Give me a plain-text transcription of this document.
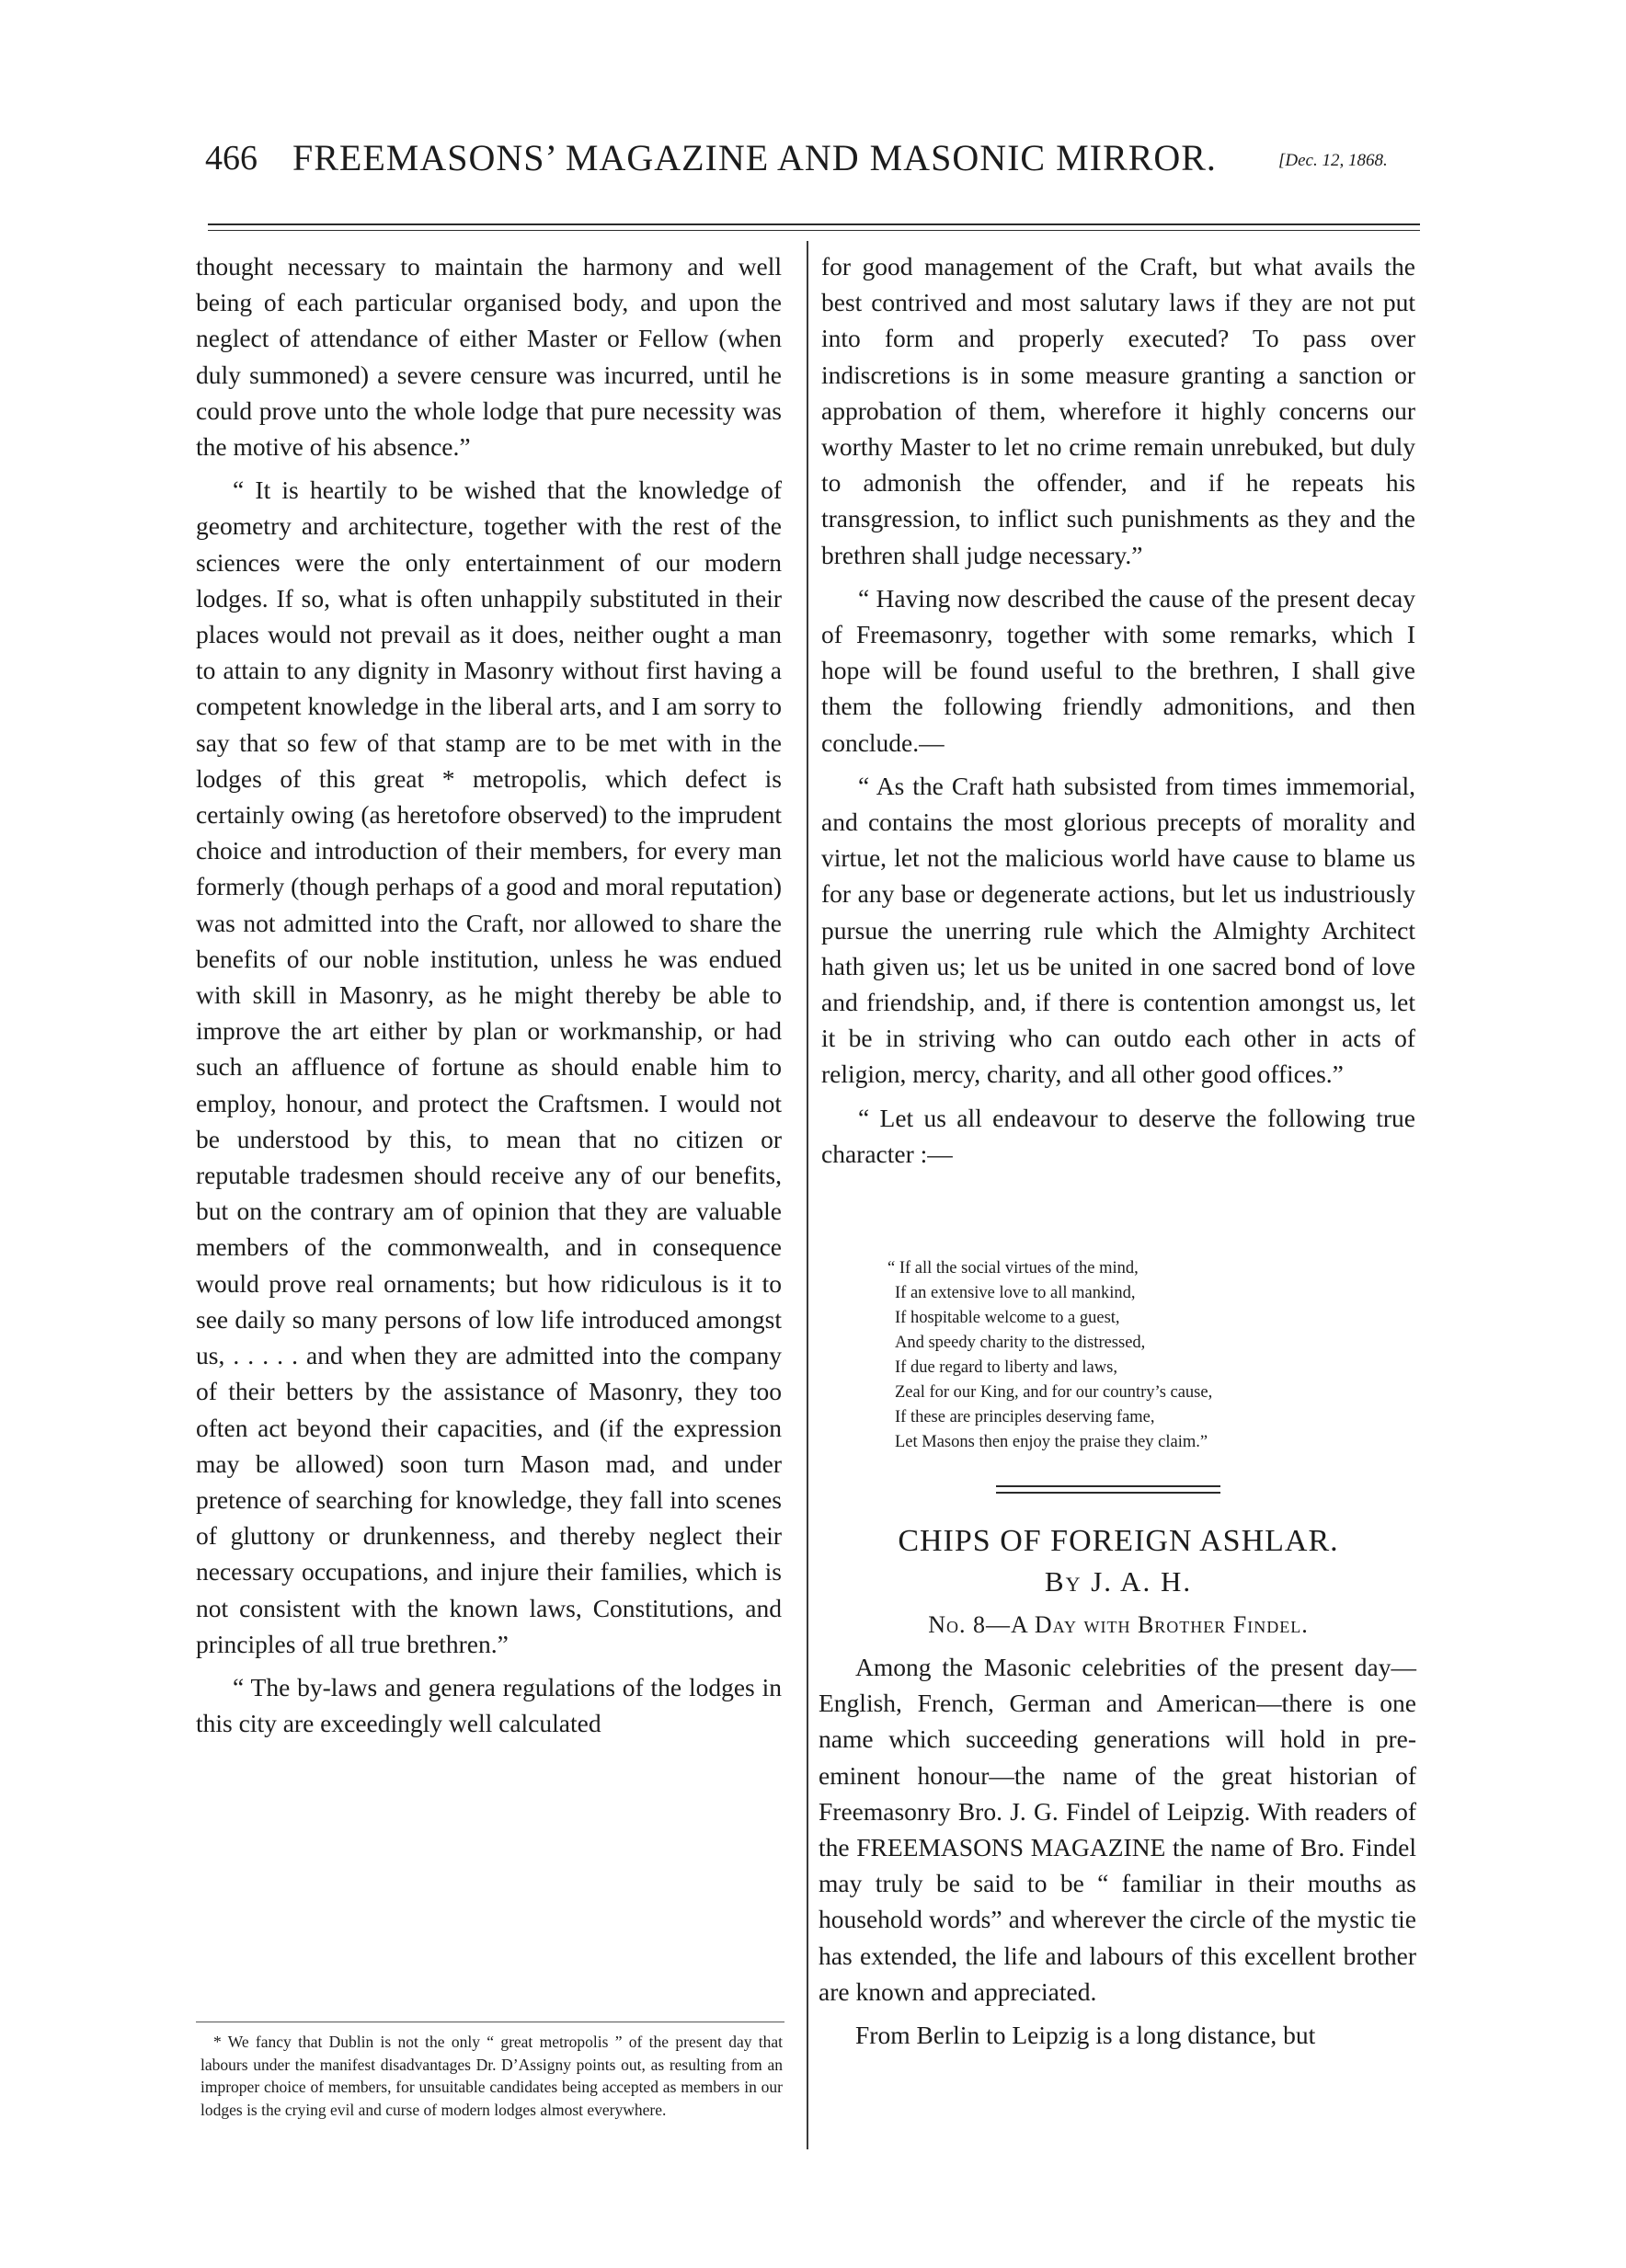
466 FREEMASONS’ MAGAZINE AND MASONIC MIRROR.	[Dec. 12, 1868.

thought necessary to maintain the harmony and well being of each particular organised body, and upon the neglect of attendance of either Master or Fellow (when duly summoned) a severe censure was incurred, until he could prove unto the whole lodge that pure necessity was the motive of his absence.”

“ It is heartily to be wished that the knowledge of geometry and architecture, together with the rest of the sciences were the only entertainment of our modern lodges. If so, what is often unhappily substituted in their places would not prevail as it does, neither ought a man to attain to any dignity in Masonry without first having a competent knowledge in the liberal arts, and I am sorry to say that so few of that stamp are to be met with in the lodges of this great * metropolis, which defect is certainly owing (as heretofore observed) to the imprudent choice and introduction of their members, for every man formerly (though perhaps of a good and moral reputation) was not admitted into the Craft, nor allowed to share the benefits of our noble institution, unless he was endued with skill in Masonry, as he might thereby be able to improve the art either by plan or workmanship, or had such an affluence of fortune as should enable him to employ, honour, and protect the Craftsmen. I would not be understood by this, to mean that no citizen or reputable tradesmen should receive any of our benefits, but on the contrary am of opinion that they are valuable members of the commonwealth, and in consequence would prove real ornaments; but how ridiculous is it to see daily so many persons of low life introduced amongst us, . . . . . and when they are admitted into the company of their betters by the assistance of Masonry, they too often act beyond their capacities, and (if the expression may be allowed) soon turn Mason mad, and under pretence of searching for knowledge, they fall into scenes of gluttony or drunkenness, and thereby neglect their necessary occupations, and injure their families, which is not consistent with the known laws, Constitutions, and principles of all true brethren.”

“ The by-laws and genera regulations of the lodges in this city are exceedingly well calculated

* We fancy that Dublin is not the only “ great metropolis ” of the present day that labours under the manifest disadvantages Dr. D’Assigny points out, as resulting from an improper choice of members, for unsuitable candidates being accepted as members in our lodges is the crying evil and curse of modern lodges almost everywhere.

for good management of the Craft, but what avails the best contrived and most salutary laws if they are not put into form and properly executed? To pass over indiscretions is in some measure granting a sanction or approbation of them, wherefore it highly concerns our worthy Master to let no crime remain unrebuked, but duly to admonish the offender, and if he repeats his transgression, to inflict such punishments as they and the brethren shall judge necessary.”

“ Having now described the cause of the present decay of Freemasonry, together with some remarks, which I hope will be found useful to the brethren, I shall give them the following friendly admonitions, and then conclude.—

“ As the Craft hath subsisted from times immemorial, and contains the most glorious precepts of morality and virtue, let not the malicious world have cause to blame us for any base or degenerate actions, but let us industriously pursue the unerring rule which the Almighty Architect hath given us; let us be united in one sacred bond of love and friendship, and, if there is contention amongst us, let it be in striving who can outdo each other in acts of religion, mercy, charity, and all other good offices.”

“ Let us all endeavour to deserve the following true character :—

“ If all the social virtues of the mind,
If an extensive love to all mankind,
If hospitable welcome to a guest,
And speedy charity to the distressed,
If due regard to liberty and laws,
Zeal for our King, and for our country’s cause,
If these are principles deserving fame,
Let Masons then enjoy the praise they claim.”
CHIPS OF FOREIGN ASHLAR.
By J. A. H.
No. 8—A Day with Brother Findel.

Among the Masonic celebrities of the present day—English, French, German and American—there is one name which succeeding generations will hold in pre-eminent honour—the name of the great historian of Freemasonry Bro. J. G. Findel of Leipzig. With readers of the FREEMASONS MAGAZINE the name of Bro. Findel may truly be said to be “ familiar in their mouths as household words” and wherever the circle of the mystic tie has extended, the life and labours of this excellent brother are known and appreciated.

From Berlin to Leipzig is a long distance, but
